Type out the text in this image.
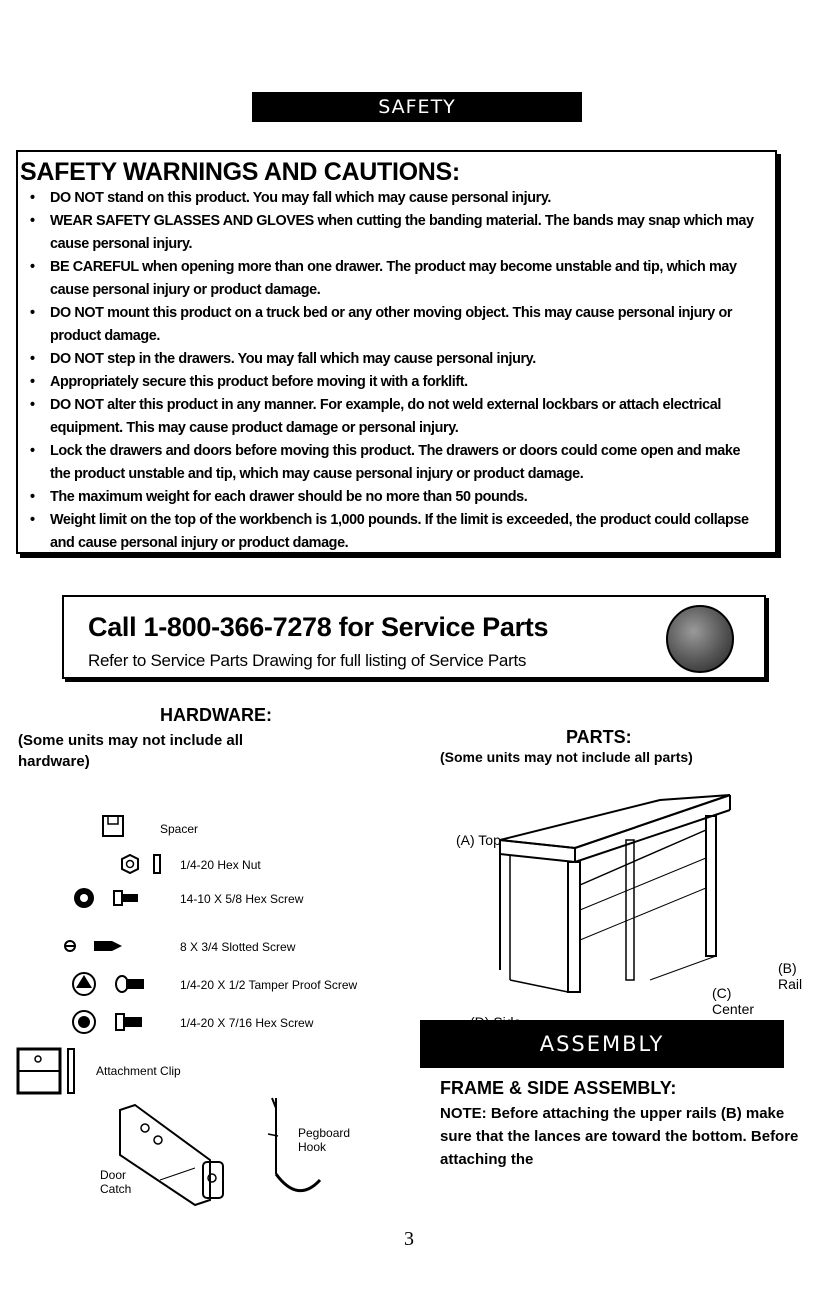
SAFETY
SAFETY WARNINGS AND CAUTIONS:
• DO NOT stand on this product. You may fall which may cause personal injury.
• WEAR SAFETY GLASSES AND GLOVES when cutting the banding material. The bands may snap which may cause personal injury.
• BE CAREFUL when opening more than one drawer. The product may become unstable and tip, which may cause personal injury or product damage.
• DO NOT mount this product on a truck bed or any other moving object. This may cause personal injury or product damage.
• DO NOT step in the drawers. You may fall which may cause personal injury.
• Appropriately secure this product before moving it with a forklift.
• DO NOT alter this product in any manner. For example, do not weld external lockbars or attach electrical equipment. This may cause product damage or personal injury.
• Lock the drawers and doors before moving this product. The drawers or doors could come open and make the product unstable and tip, which may cause personal injury or product damage.
• The maximum weight for each drawer should be no more than 50 pounds.
• Weight limit on the top of the workbench is 1,000 pounds. If the limit is exceeded, the product could collapse and cause personal injury or product damage.
Call 1-800-366-7278 for Service Parts
Refer to Service Parts Drawing for full listing of Service Parts
HARDWARE:
(Some units may not include all hardware)
Spacer
1/4-20 Hex Nut
14-10 X 5/8 Hex Screw
8 X 3/4 Slotted Screw
1/4-20 X 1/2 Tamper Proof Screw
1/4-20 X 7/16 Hex Screw
Attachment Clip
Door Catch
Pegboard Hook
PARTS:
(Some units may not include all parts)
(A) Top
(B) Rail
(C) Center
ASSEMBLY
FRAME & SIDE ASSEMBLY:
NOTE: Before attaching the upper rails (B) make sure that the lances are toward the bottom. Before attaching the
3
